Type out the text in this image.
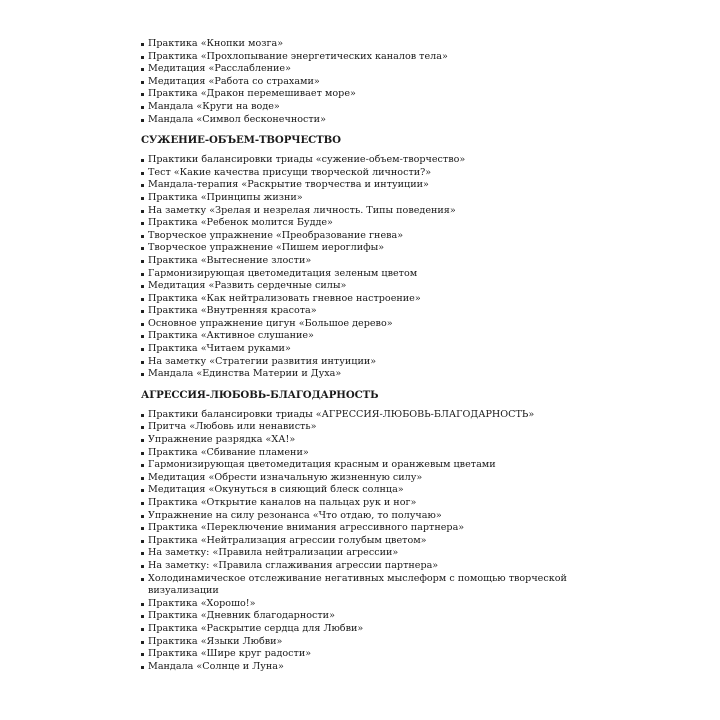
Практика «Кнопки мозга»
Практика «Прохлопывание энергетических каналов тела»
Медитация «Расслабление»
Медитация «Работа со страхами»
Практика «Дракон перемешивает море»
Мандала «Круги на воде»
Мандала «Символ бесконечности»
СУЖЕНИЕ-ОБЪЕМ-ТВОРЧЕСТВО
Практики балансировки триады «сужение-объем-творчество»
Тест «Какие качества присущи творческой личности?»
Мандала-терапия «Раскрытие творчества и интуиции»
Практика «Принципы жизни»
На заметку «Зрелая и незрелая личность. Типы поведения»
Практика «Ребенок молится Будде»
Творческое упражнение «Преобразование гнева»
Творческое упражнение «Пишем иероглифы»
Практика «Вытеснение злости»
Гармонизирующая цветомедитация зеленым цветом
Медитация «Развить сердечные силы»
Практика «Как нейтрализовать гневное настроение»
Практика «Внутренняя красота»
Основное упражнение цигун «Большое дерево»
Практика «Активное слушание»
Практика «Читаем руками»
На заметку «Стратегии развития интуиции»
Мандала «Единства Материи и Духа»
АГРЕССИЯ-ЛЮБОВЬ-БЛАГОДАРНОСТЬ
Практики балансировки триады «АГРЕССИЯ-ЛЮБОВЬ-БЛАГОДАРНОСТЬ»
Притча «Любовь или ненависть»
Упражнение разрядка «ХА!»
Практика «Сбивание пламени»
Гармонизирующая цветомедитация красным и оранжевым цветами
Медитация «Обрести изначальную жизненную силу»
Медитация «Окунуться в сияющий блеск солнца»
Практика «Открытие каналов на пальцах рук и ног»
Упражнение на силу резонанса «Что отдаю, то получаю»
Практика «Переключение внимания агрессивного партнера»
Практика «Нейтрализация агрессии голубым цветом»
На заметку: «Правила нейтрализации агрессии»
На заметку: «Правила сглаживания агрессии партнера»
Холодинамическое отслеживание негативных мыслеформ с помощью творческой визуализации
Практика «Хорошо!»
Практика «Дневник благодарности»
Практика «Раскрытие сердца для Любви»
Практика «Языки Любви»
Практика «Шире круг радости»
Мандала «Солнце и Луна»
